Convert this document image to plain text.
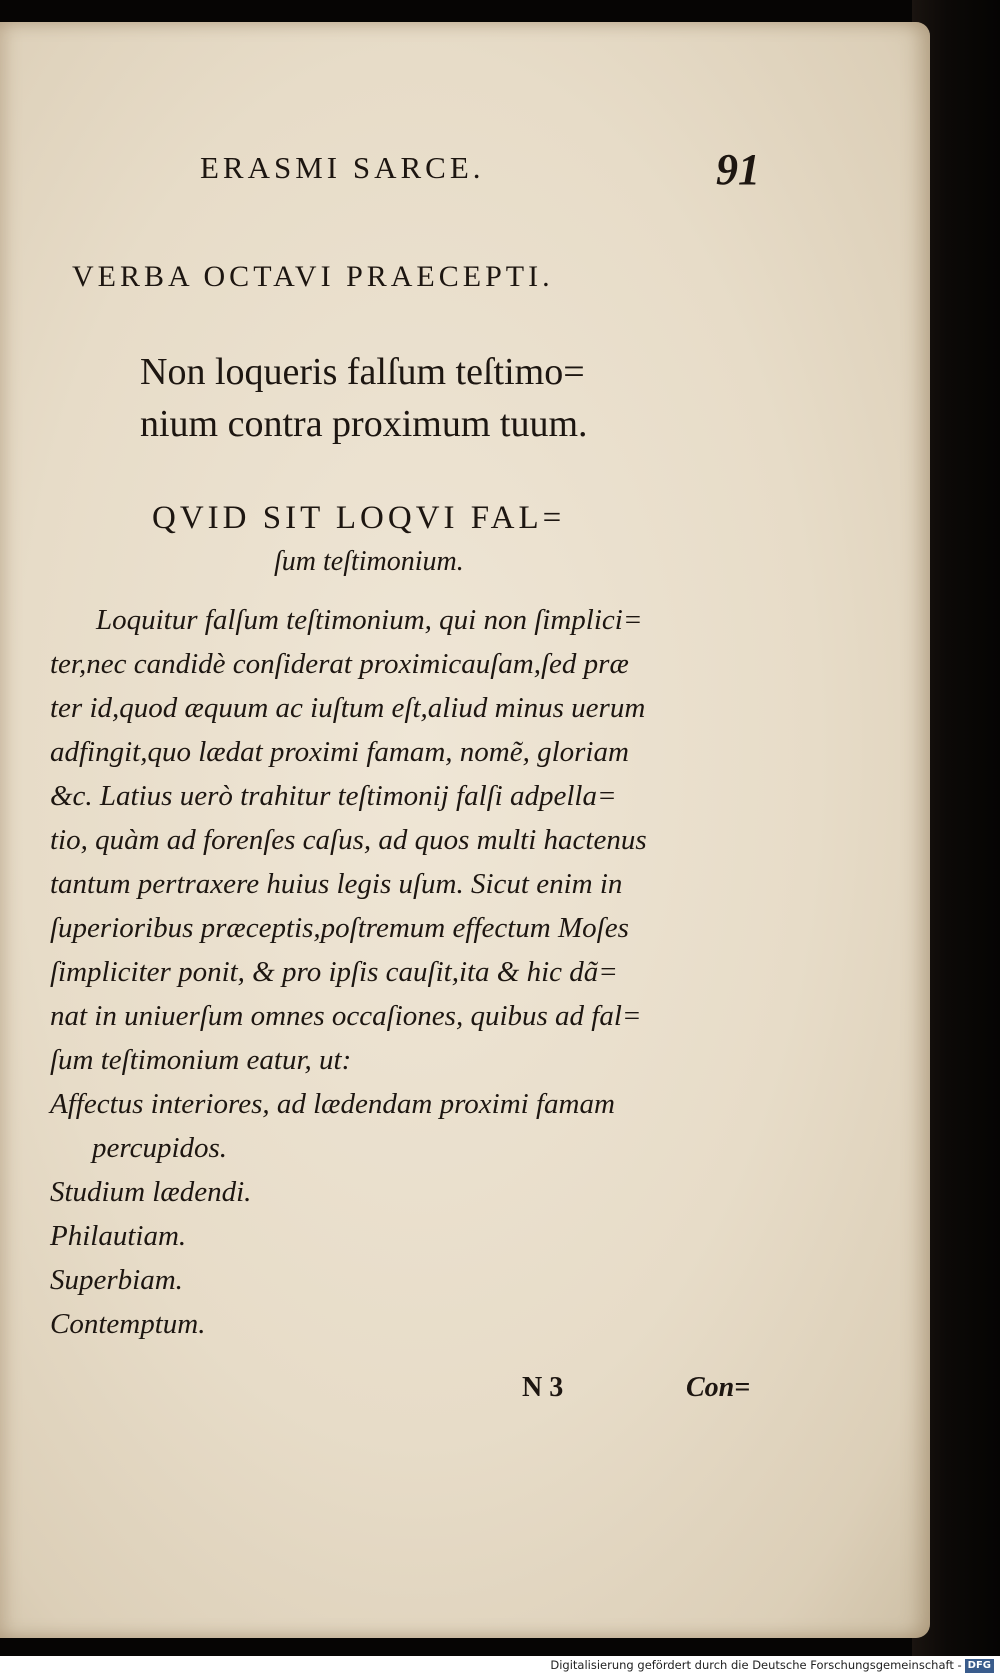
ERASMI SARCE.	91

VERBA OCTAVI PRAECEPTI.

Non loqueris falſum teſtimo=

nium contra proximum tuum.

QVID SIT LOQVI FAL=

ſum teſtimonium.

Loquitur falſum teſtimonium, qui non ſimplici=

ter,nec candidè conſiderat proximicauſam,ſed præ

ter id,quod æquum ac iuſtum eſt,aliud minus uerum

adfingit,quo lædat proximi famam, nomẽ, gloriam

&c. Latius uerò trahitur teſtimonij falſi adpella=

tio, quàm ad forenſes caſus, ad quos multi hactenus

tantum pertraxere huius legis uſum. Sicut enim in

ſuperioribus præceptis,poſtremum effectum Moſes

ſimpliciter ponit, & pro ipſis cauſit,ita & hic dã=

nat in uniuerſum omnes occaſiones, quibus ad fal=

ſum teſtimonium eatur, ut:

Affectus interiores, ad lædendam proximi famam

percupidos.

Studium lædendi.

Philautiam.

Superbiam.

Contemptum.

N 3	Con=

Digitalisierung gefördert durch die Deutsche Forschungsgemeinschaft - DFG
